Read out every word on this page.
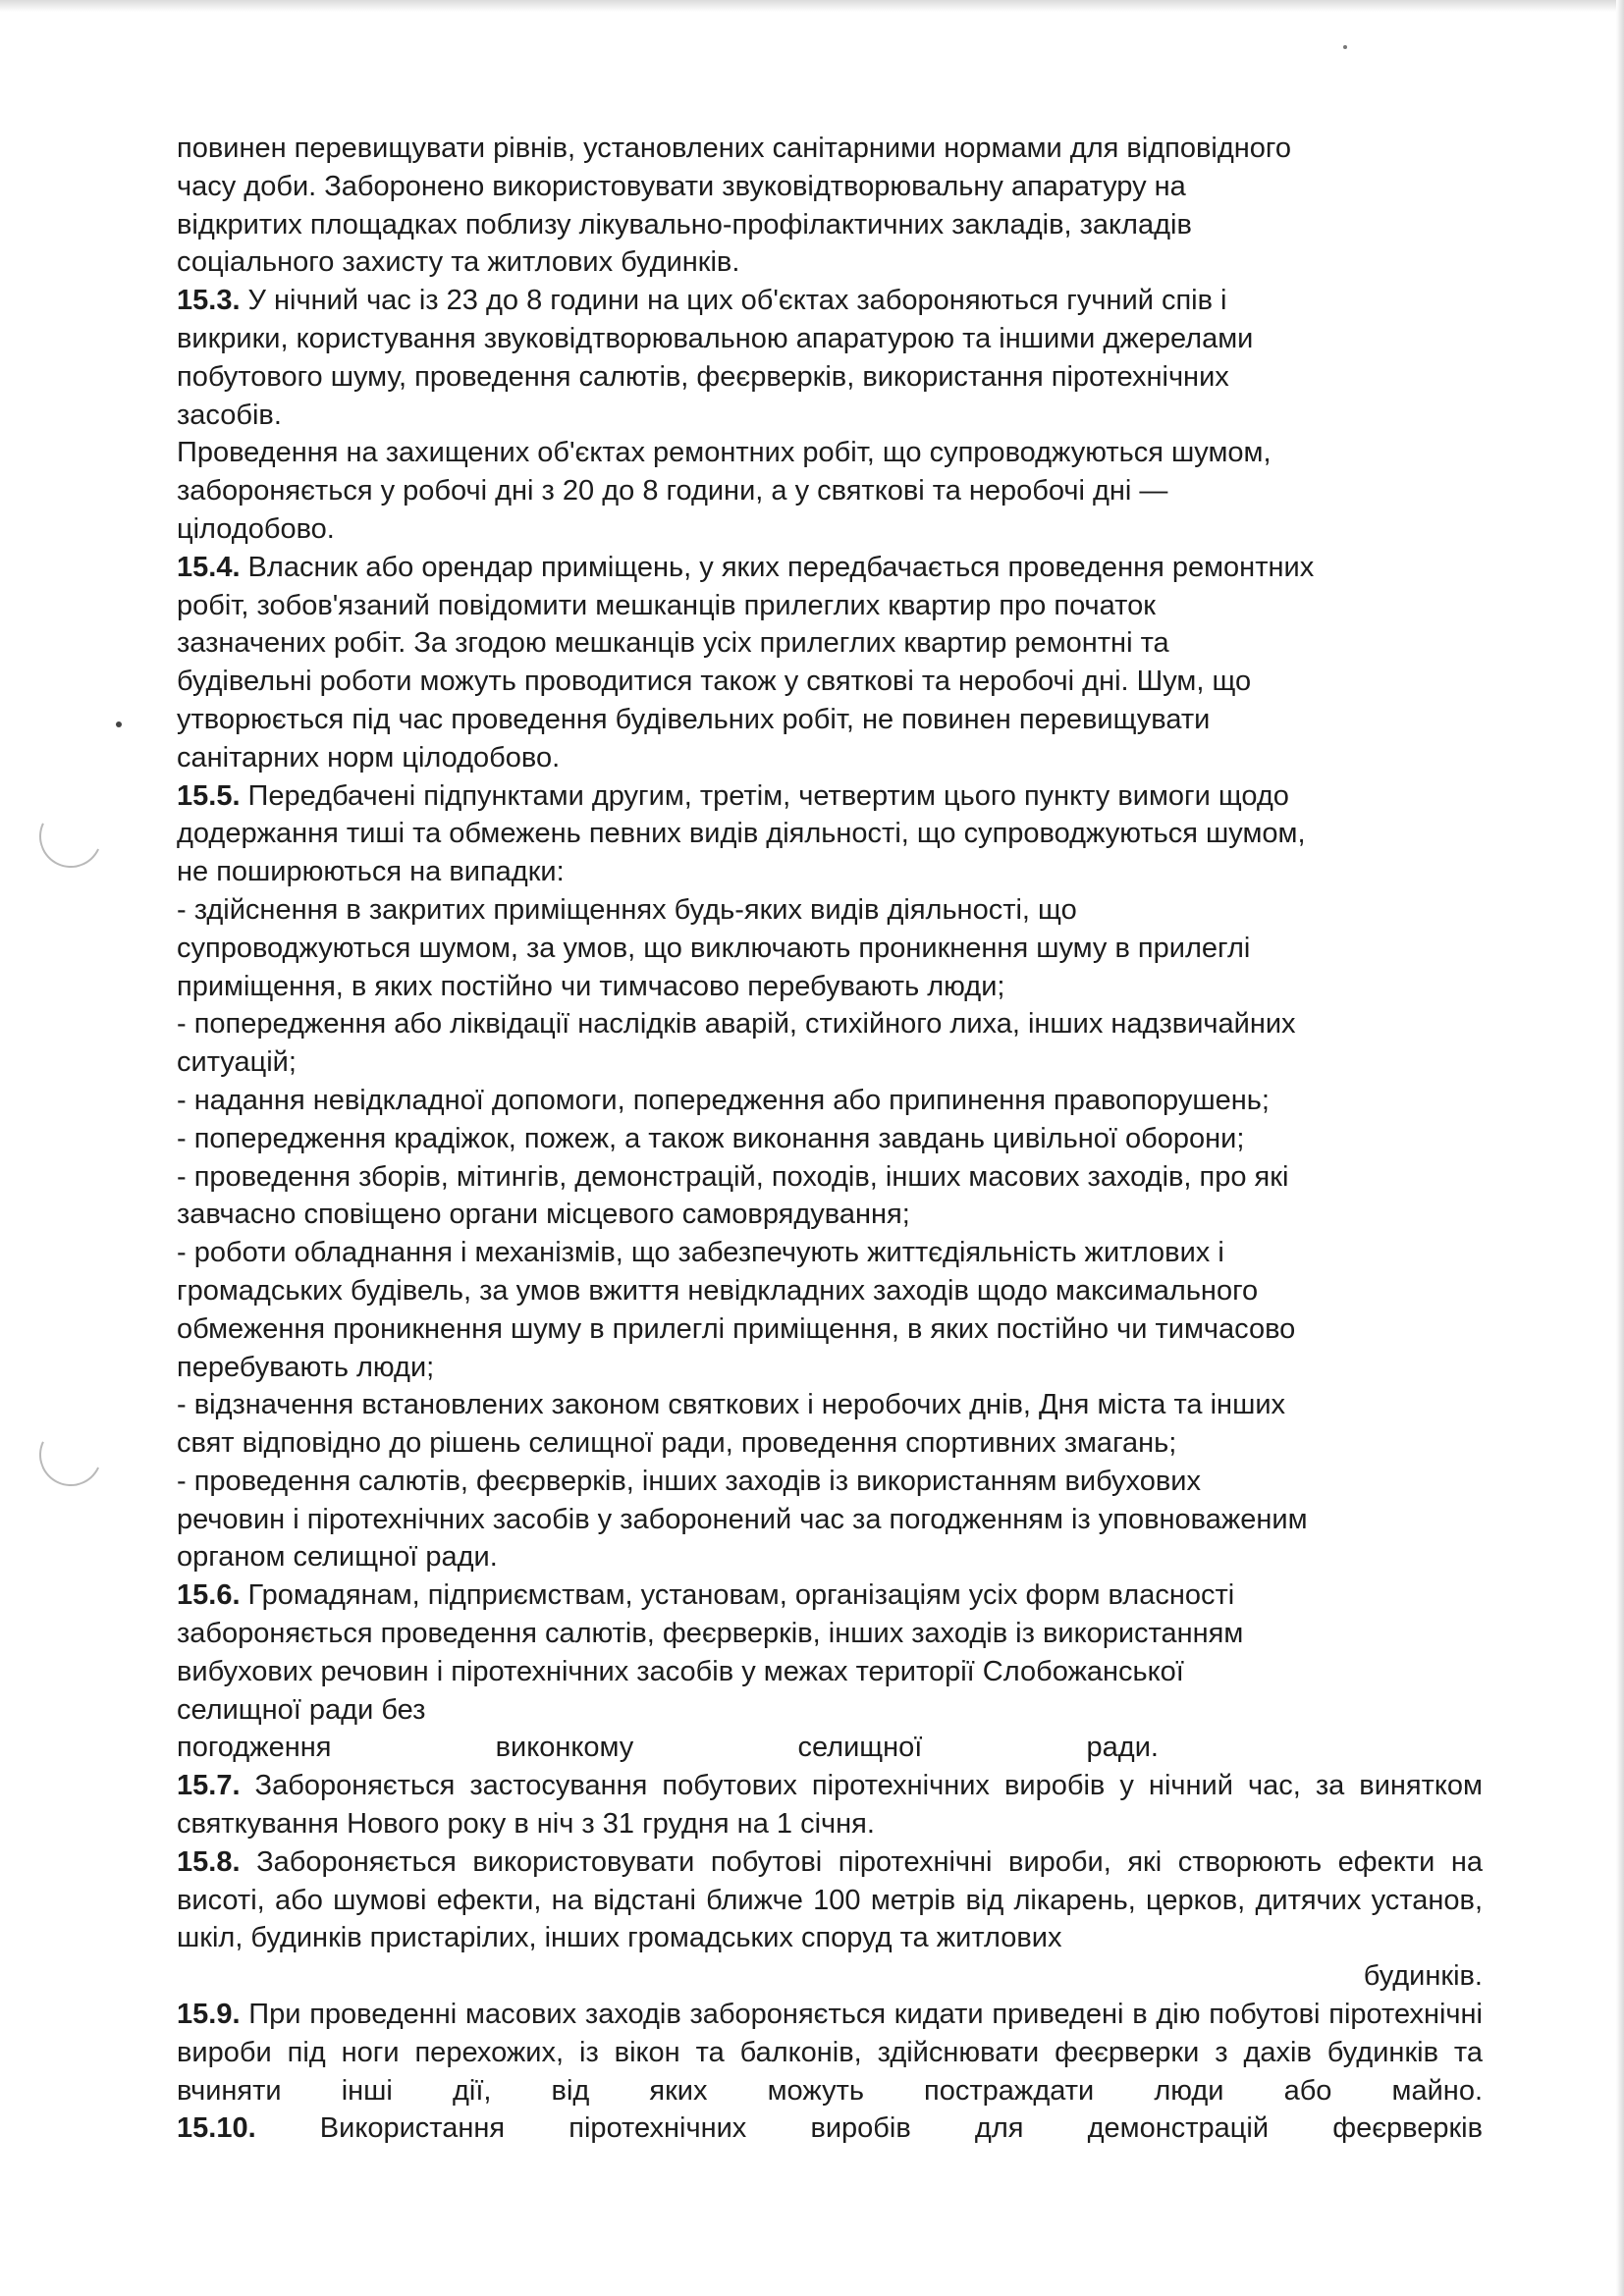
повинен перевищувати рівнів, установлених санітарними нормами для відповідного

часу доби. Заборонено використовувати звуковідтворювальну апаратуру на

відкритих площадках поблизу лікувально-профілактичних закладів, закладів

соціального захисту та житлових будинків.

15.3. У нічний час із 23 до 8 години на цих об'єктах забороняються гучний спів і

викрики, користування звуковідтворювальною апаратурою та іншими джерелами

побутового шуму, проведення салютів, феєрверків, використання піротехнічних

засобів.

Проведення на захищених об'єктах ремонтних робіт, що супроводжуються шумом,

забороняється у робочі дні з 20 до 8 години, а у святкові та неробочі дні —

цілодобово.

15.4. Власник або орендар приміщень, у яких передбачається проведення ремонтних

робіт, зобов'язаний повідомити мешканців прилеглих квартир про початок

зазначених робіт. За згодою мешканців усіх прилеглих квартир ремонтні та

будівельні роботи можуть проводитися також у святкові та неробочі дні. Шум, що

утворюється під час проведення будівельних робіт, не повинен перевищувати

санітарних норм цілодобово.

15.5. Передбачені підпунктами другим, третім, четвертим цього пункту вимоги щодо

додержання тиші та обмежень певних видів діяльності, що супроводжуються шумом,

не поширюються на випадки:

- здійснення в закритих приміщеннях будь-яких видів діяльності, що

супроводжуються шумом, за умов, що виключають проникнення шуму в прилеглі

приміщення, в яких постійно чи тимчасово перебувають люди;

- попередження або ліквідації наслідків аварій, стихійного лиха, інших надзвичайних

ситуацій;

- надання невідкладної допомоги, попередження або припинення правопорушень;

- попередження крадіжок, пожеж, а також виконання завдань цивільної оборони;

- проведення зборів, мітингів, демонстрацій, походів, інших масових заходів, про які

завчасно сповіщено органи місцевого самоврядування;

- роботи обладнання і механізмів, що забезпечують життєдіяльність житлових і

громадських будівель, за умов вжиття невідкладних заходів щодо максимального

обмеження проникнення шуму в прилеглі приміщення, в яких постійно чи тимчасово

перебувають люди;

- відзначення встановлених законом святкових і неробочих днів, Дня міста та інших

свят відповідно до рішень селищної ради, проведення спортивних змагань;

- проведення салютів, феєрверків, інших заходів із використанням вибухових

речовин і піротехнічних засобів у заборонений час за погодженням із уповноваженим

органом селищної ради.

15.6. Громадянам, підприємствам, установам, організаціям усіх форм власності

забороняється проведення салютів, феєрверків, інших заходів із використанням

вибухових речовин і піротехнічних засобів у межах території Слобожанської

селищної ради без

погодження виконкому селищної ради.

15.7. Забороняється застосування побутових піротехнічних виробів у нічний час, за винятком святкування Нового року в ніч з 31 грудня на 1 січня.

15.8. Забороняється використовувати побутові піротехнічні вироби, які створюють ефекти на висоті, або шумові ефекти, на відстані ближче 100 метрів від лікарень, церков, дитячих установ, шкіл, будинків пристарілих, інших громадських споруд та житлових

будинків.

15.9. При проведенні масових заходів забороняється кидати приведені в дію побутові піротехнічні вироби під ноги перехожих, із вікон та балконів, здійснювати феєрверки з дахів будинків та вчиняти інші дії, від яких можуть постраждати люди або майно.

15.10. Використання піротехнічних виробів для демонстрацій феєрверків
